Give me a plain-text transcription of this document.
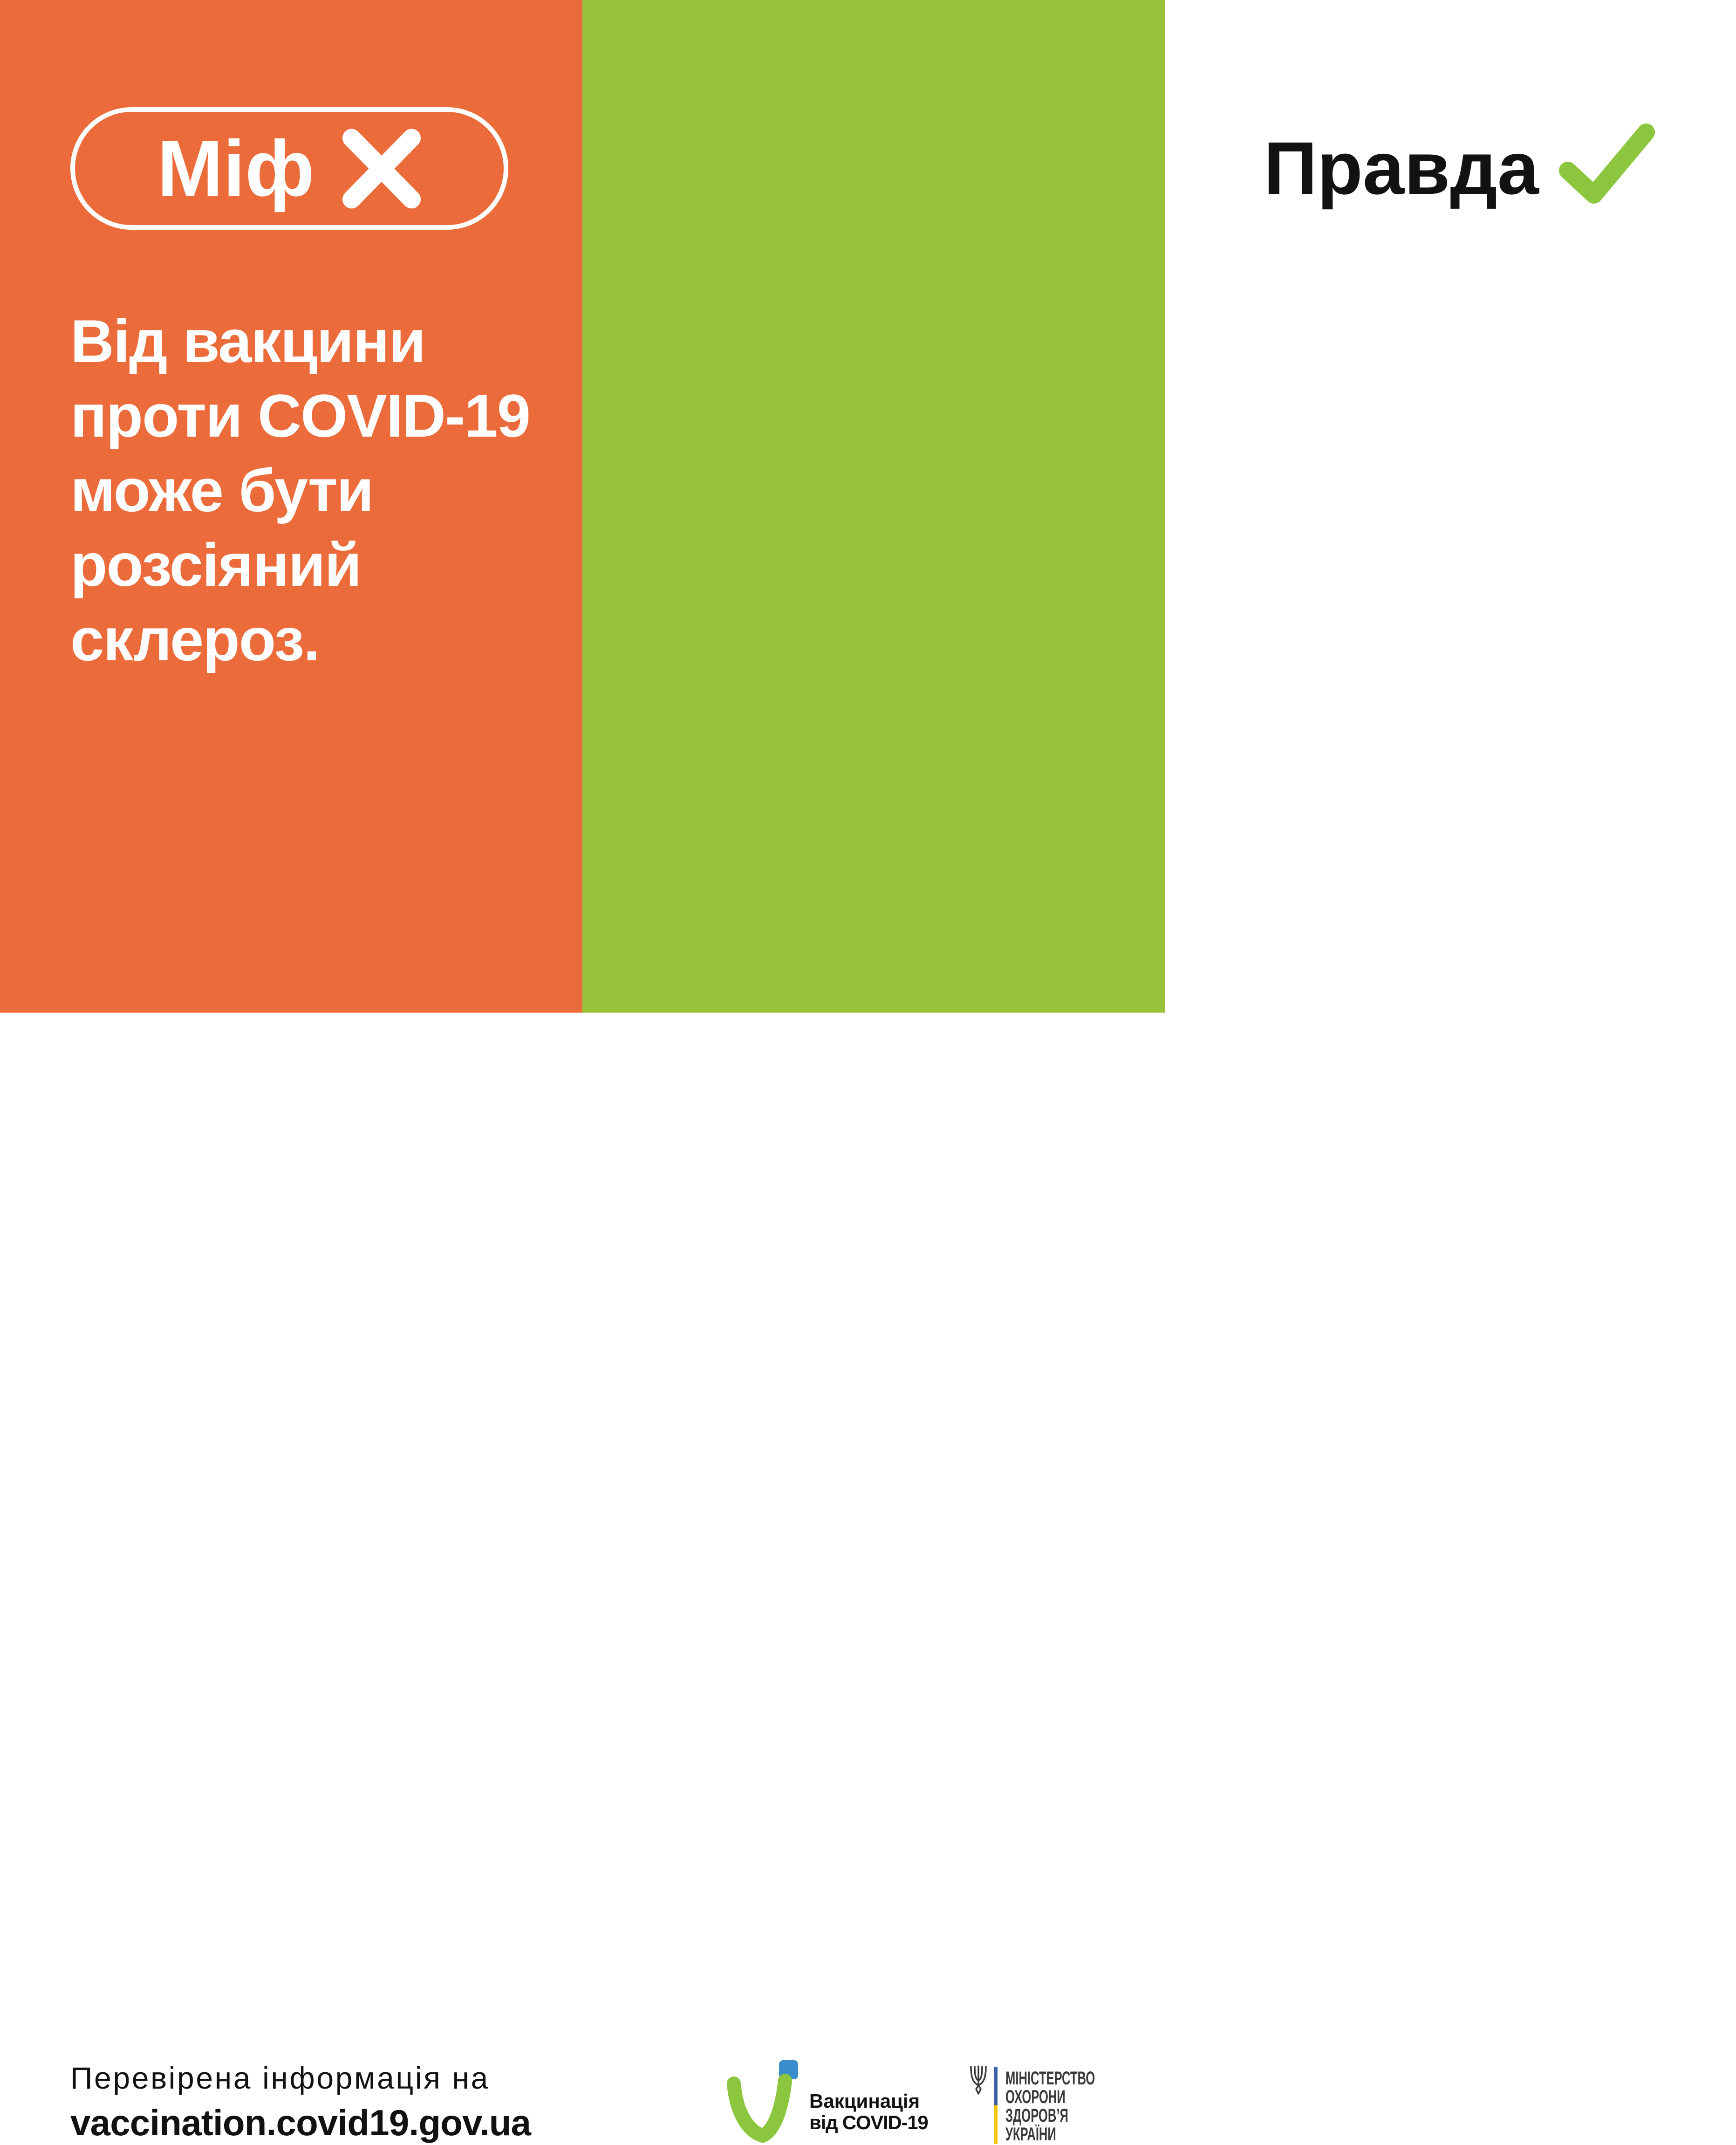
Міф
Від вакцини
проти COVID-19
може бути
розсіяний
склероз.
Правда
Розсіяний склероз
виявили лише
в одного
провакцинованого.
За результатами
дослідження
жодного зв’язку
між вакцинацією
та хворобою немає.
Перевірена інформація на
vaccination.covid19.gov.ua
Вакцинація
від COVID-19
МІНІСТЕРСТВО
ОХОРОНИ
ЗДОРОВ’Я
УКРАЇНИ
